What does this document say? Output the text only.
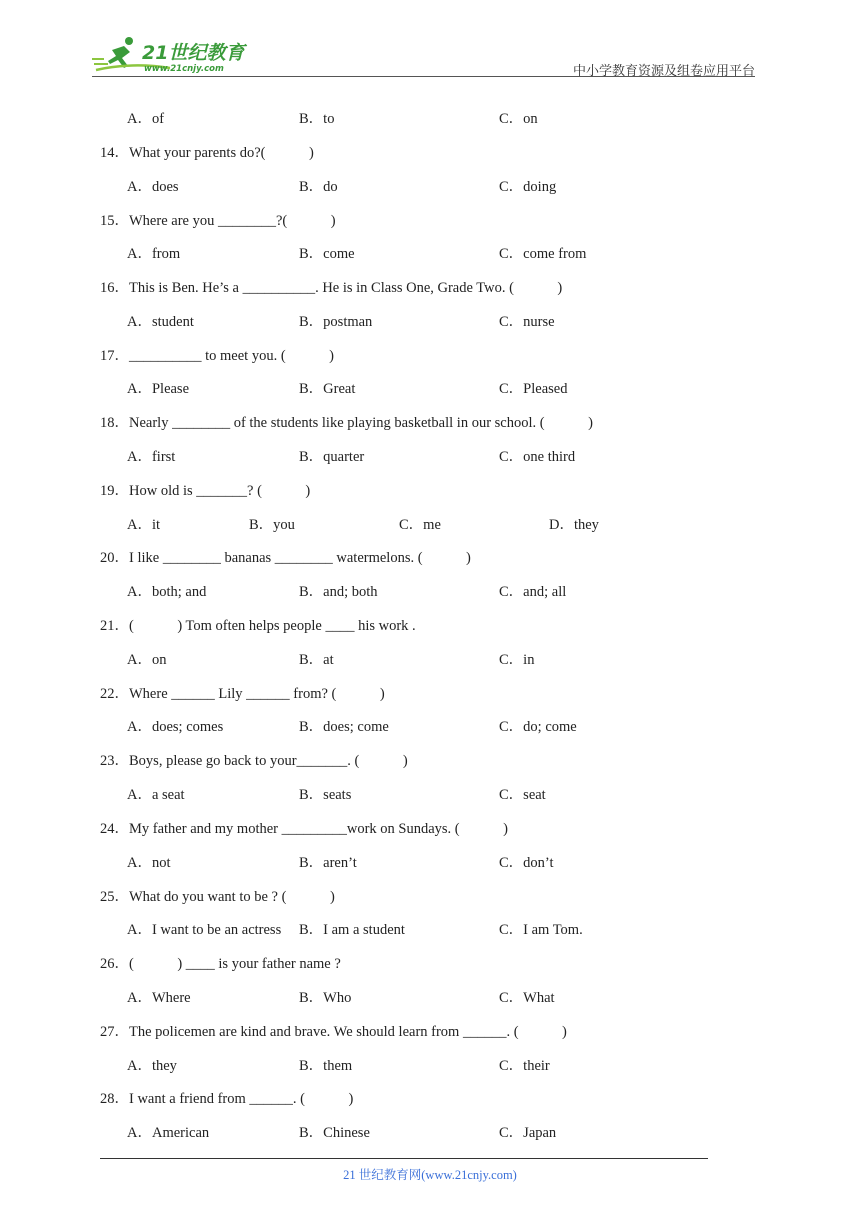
21世纪教育
www.21cnjy.com	中小学教育资源及组卷应用平台
A．of	B．to	C．on
14．What your parents do?(　　　)
A．does	B．do	C．doing
15．Where are you ________?(　　　)
A．from	B．come	C．come from
16．This is Ben. He’s a __________. He is in Class One, Grade Two. (　　　)
A．student	B．postman	C．nurse
17．__________ to meet you. (　　　)
A．Please	B．Great	C．Pleased
18．Nearly ________ of the students like playing basketball in our school. (　　　)
A．first	B．quarter	C．one third
19．How old is _______? (　　　)
A．it	B．you	C．me	D．they
20．I like ________ bananas ________ watermelons. (　　　)
A．both; and	B．and; both	C．and; all
21．(　　　) Tom often helps people ____ his work .
A．on	B．at	C．in
22．Where ______ Lily ______ from? (　　　)
A．does; comes	B．does; come	C．do; come
23．Boys, please go back to your_______. (　　　)
A．a seat	B．seats	C．seat
24．My father and my mother _________work on Sundays. (　　　)
A．not	B．aren’t	C．don’t
25．What do you want to be ? (　　　)
A．I want to be an actress B．I am a student	C．I am Tom.
26．(　　　) ____ is your father name ?
A．Where	B．Who	C．What
27．The policemen are kind and brave. We should learn from ______. (　　　)
A．they	B．them	C．their
28．I want a friend from ______. (　　　)
A．American	B．Chinese	C．Japan
21 世纪教育网(www.21cnjy.com)
